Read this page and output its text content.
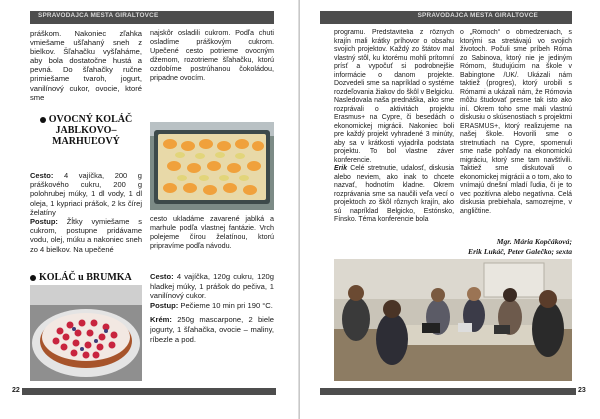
SPRAVODAJCA MESTA GIRALTOVCE

práškom. Nakoniec zľahka vmiešame ušľahaný sneh z bielkov. Šľahačku vyšľaháme, aby bola dostatočne hustá a pevná. Do šľahačky ručne primiešame tvaroh, jogurt, vanilínový cukor, ovocie, ktoré sme

najskôr osladili cukrom. Podľa chuti osladíme práškovým cukrom. Upečené cesto potrieme ovocným džemom, rozotrieme šľahačku, ktorú ozdobíme postrúhanou čokoládou, pripadne ovocím.

OVOCNÝ KOLÁČ JABLKOVO–MARHUĽOVÝ

Cesto: 4 vajíčka, 200 g práškového cukru, 200 g polohrubej múky, 1 dl vody, 1 dl oleja, 1 kypriaci prášok, 2 ks čírej želatíny

Postup: Žĺtky vymiešame s cukrom, postupne pridávame vodu, olej, múku a nakoniec sneh zo 4 bielkov. Na upečené

cesto ukladáme zavarené jablká a marhule podľa vlastnej fantázie. Vrch polejeme čírou želatínou, ktorú pripravíme podľa návodu.

KOLÁČ u BRUMKA	Cesto: 4 vajíčka, 120g cukru, 120g hladkej múky, 1 prášok do pečiva, 1 vanilínový cukor.

Postup: Pečieme 10 min pri 190 °C.

Krém: 250g mascarpone, 2 biele jogurty, 1 šľahačka, ovocie – maliny, ríbezle a pod.

22
SPRAVODAJCA MESTA GIRALTOVCE

programu. Predstavitelia z rôznych krajín mali krátky príhovor o obsahu svojich projektov. Každý zo štátov mal vlastný stôl, ku ktorému mohli prítomní prísť a vypočuť si podrobnejšie informácie o danom projekte. Dozvedeli sme sa napríklad o systéme rozdeľovania žiakov do škôl v Belgicku. Nasledovala naša prednáška, ako sme rozprávali o aktivitách projektu Erasmus+ na Cypre, či besedách o ekonomickej migrácii. Nakoniec boli pre každý projekt vyhradené 3 minúty, aby sa v krátkosti vyjadrila podstata projektu. To bol vlastne záver konferencie.

Erik Celé stretnutie, udalosť, diskusia alebo neviem, ako inak to chcete nazvať, hodnotím kladne. Okrem rozprávania sme sa naučili veľa vecí o projektoch zo škôl rôznych krajín, ako sú napríklad Belgicko, Estónsko, Fínsko. Téma konferencie bola

o „Rómoch“ o obmedzeniach, s ktorými sa stretávajú vo svojich životoch. Počuli sme príbeh Róma zo Sabinova, ktorý nie je jediným Rómom, študujúcim na škole v Babingtone /UK/. Ukázali nám taktiež (progres), ktorý urobili s Rómami a ukázali nám, že Rómovia môžu študovať presne tak isto ako iní. Okrem toho sme mali vlastnú diskusiu o skúsenostiach s projektmi ERASMUS+, ktorý realizujeme na našej škole. Hovorili sme o stretnutiach na Cypre, spomenuli sme naše pohľady na ekonomickú migráciu, ktorý sme tam navštívili. Taktiež sme diskutovali o ekonomickej migrácii a o tom, ako to vnímajú dnešní mladí ľudia, či je to vec pozitívna alebo negatívna. Celá diskusia prebiehala, samozrejme, v angličtine.

Mgr. Mária Kopčáková;
Erik Lukáč, Peter Galečko; sexta
23
